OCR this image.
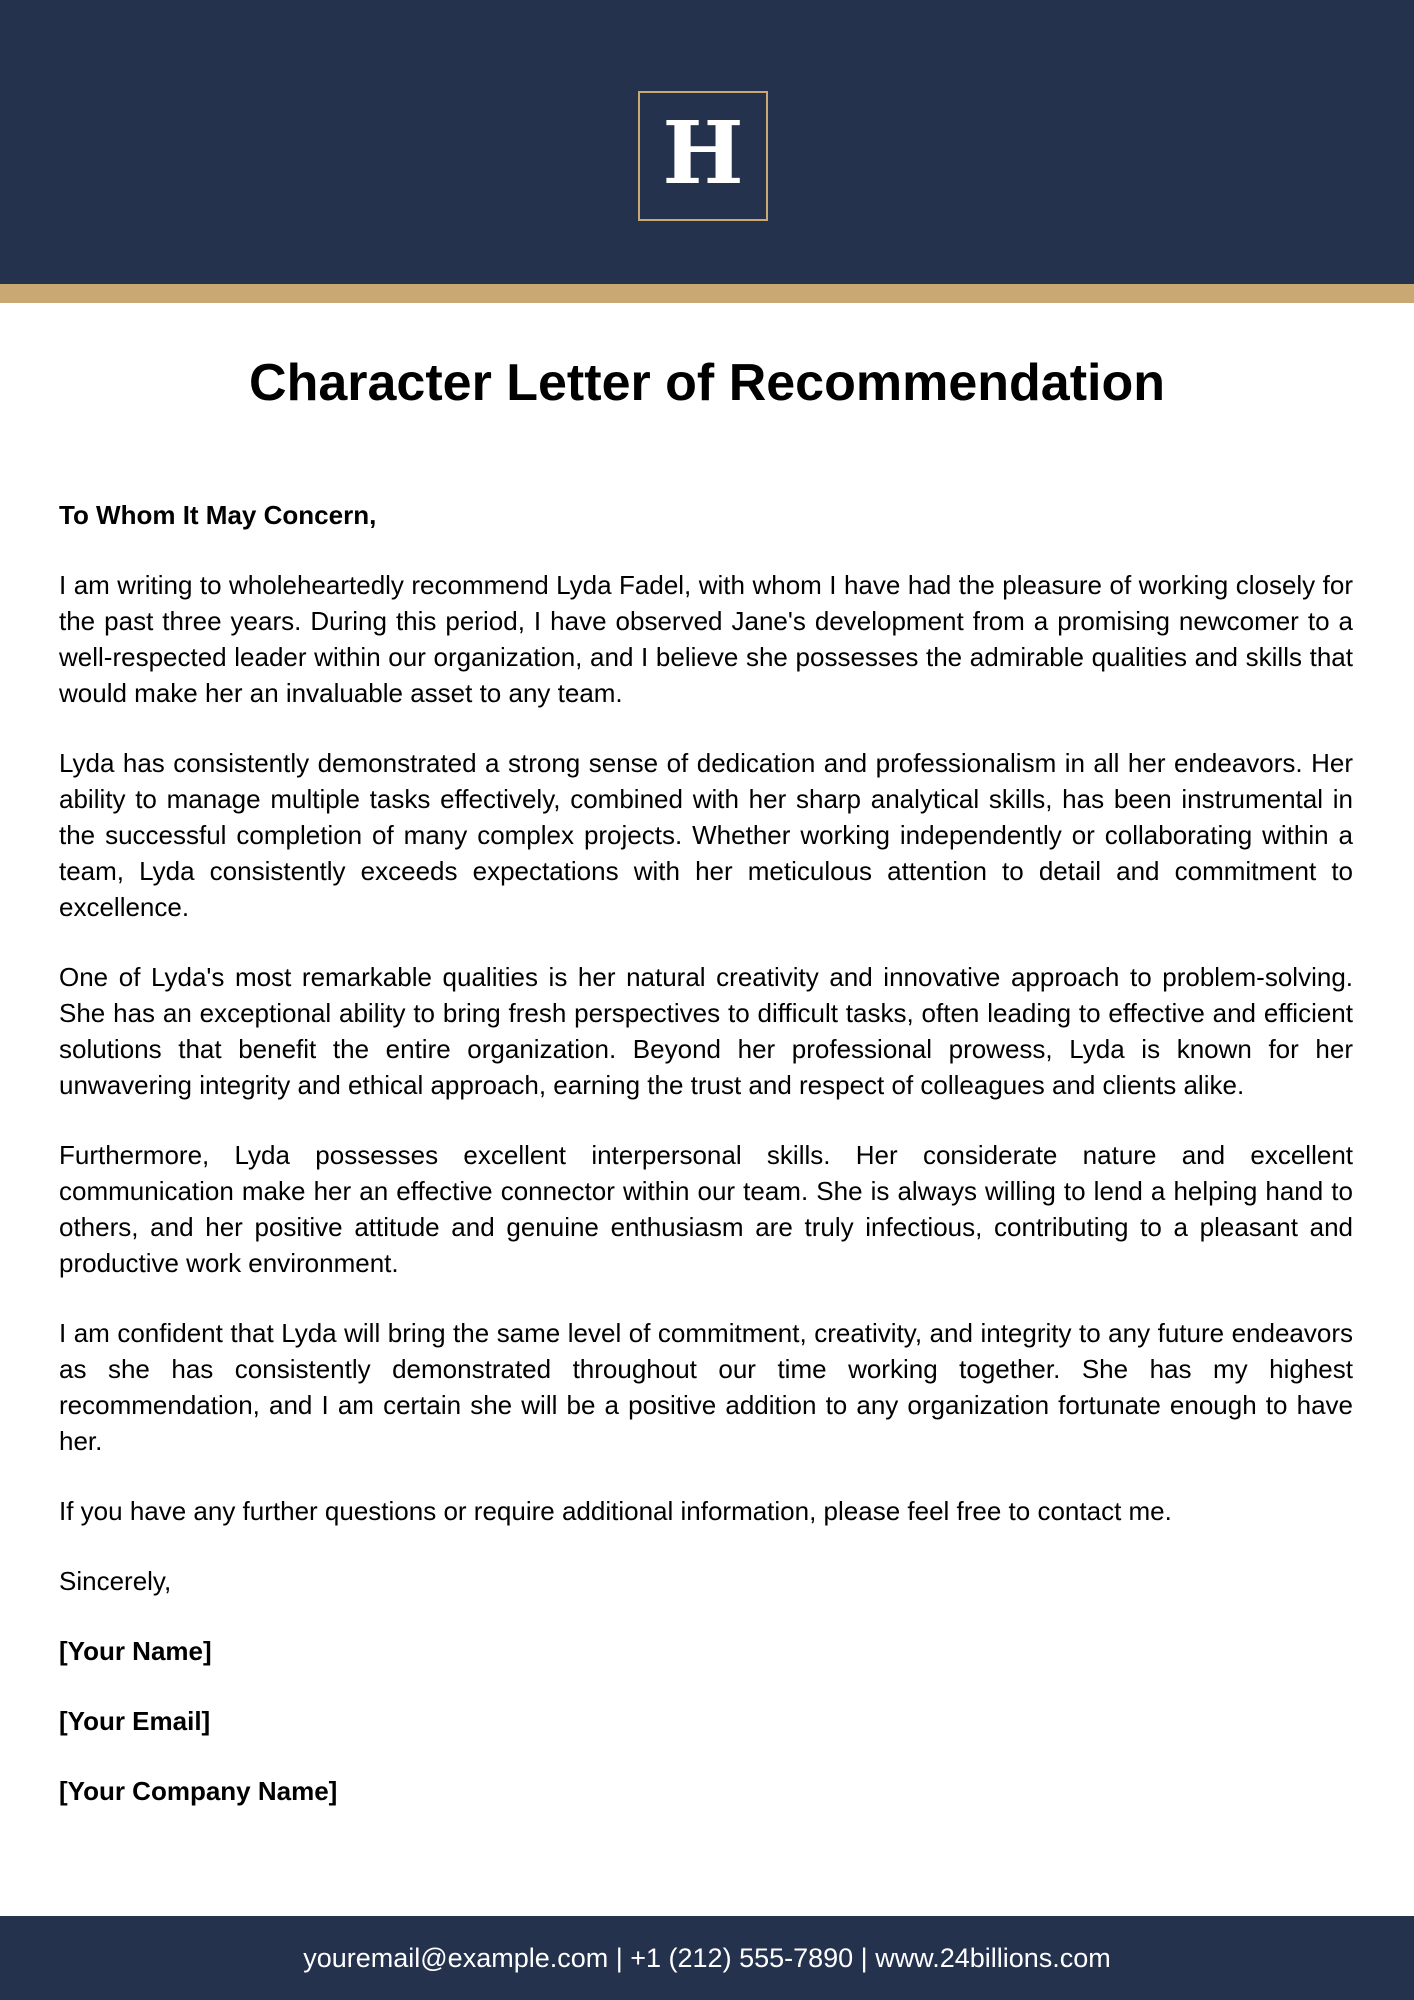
H
Character Letter of Recommendation

To Whom It May Concern,

I am writing to wholeheartedly recommend Lyda Fadel, with whom I have had the pleasure of working closely for the past three years. During this period, I have observed Jane's development from a promising newcomer to a well-respected leader within our organization, and I believe she possesses the admirable qualities and skills that would make her an invaluable asset to any team.

Lyda has consistently demonstrated a strong sense of dedication and professionalism in all her endeavors. Her ability to manage multiple tasks effectively, combined with her sharp analytical skills, has been instrumental in the successful completion of many complex projects. Whether working independently or collaborating within a team, Lyda consistently exceeds expectations with her meticulous attention to detail and commitment to excellence.

One of Lyda's most remarkable qualities is her natural creativity and innovative approach to problem-solving. She has an exceptional ability to bring fresh perspectives to difficult tasks, often leading to effective and efficient solutions that benefit the entire organization. Beyond her professional prowess, Lyda is known for her unwavering integrity and ethical approach, earning the trust and respect of colleagues and clients alike.

Furthermore, Lyda possesses excellent interpersonal skills. Her considerate nature and excellent communication make her an effective connector within our team. She is always willing to lend a helping hand to others, and her positive attitude and genuine enthusiasm are truly infectious, contributing to a pleasant and productive work environment.

I am confident that Lyda will bring the same level of commitment, creativity, and integrity to any future endeavors as she has consistently demonstrated throughout our time working together. She has my highest recommendation, and I am certain she will be a positive addition to any organization fortunate enough to have her.

If you have any further questions or require additional information, please feel free to contact me.

Sincerely,

[Your Name]

[Your Email]

[Your Company Name]

youremail@example.com | +1 (212) 555-7890 | www.24billions.com
